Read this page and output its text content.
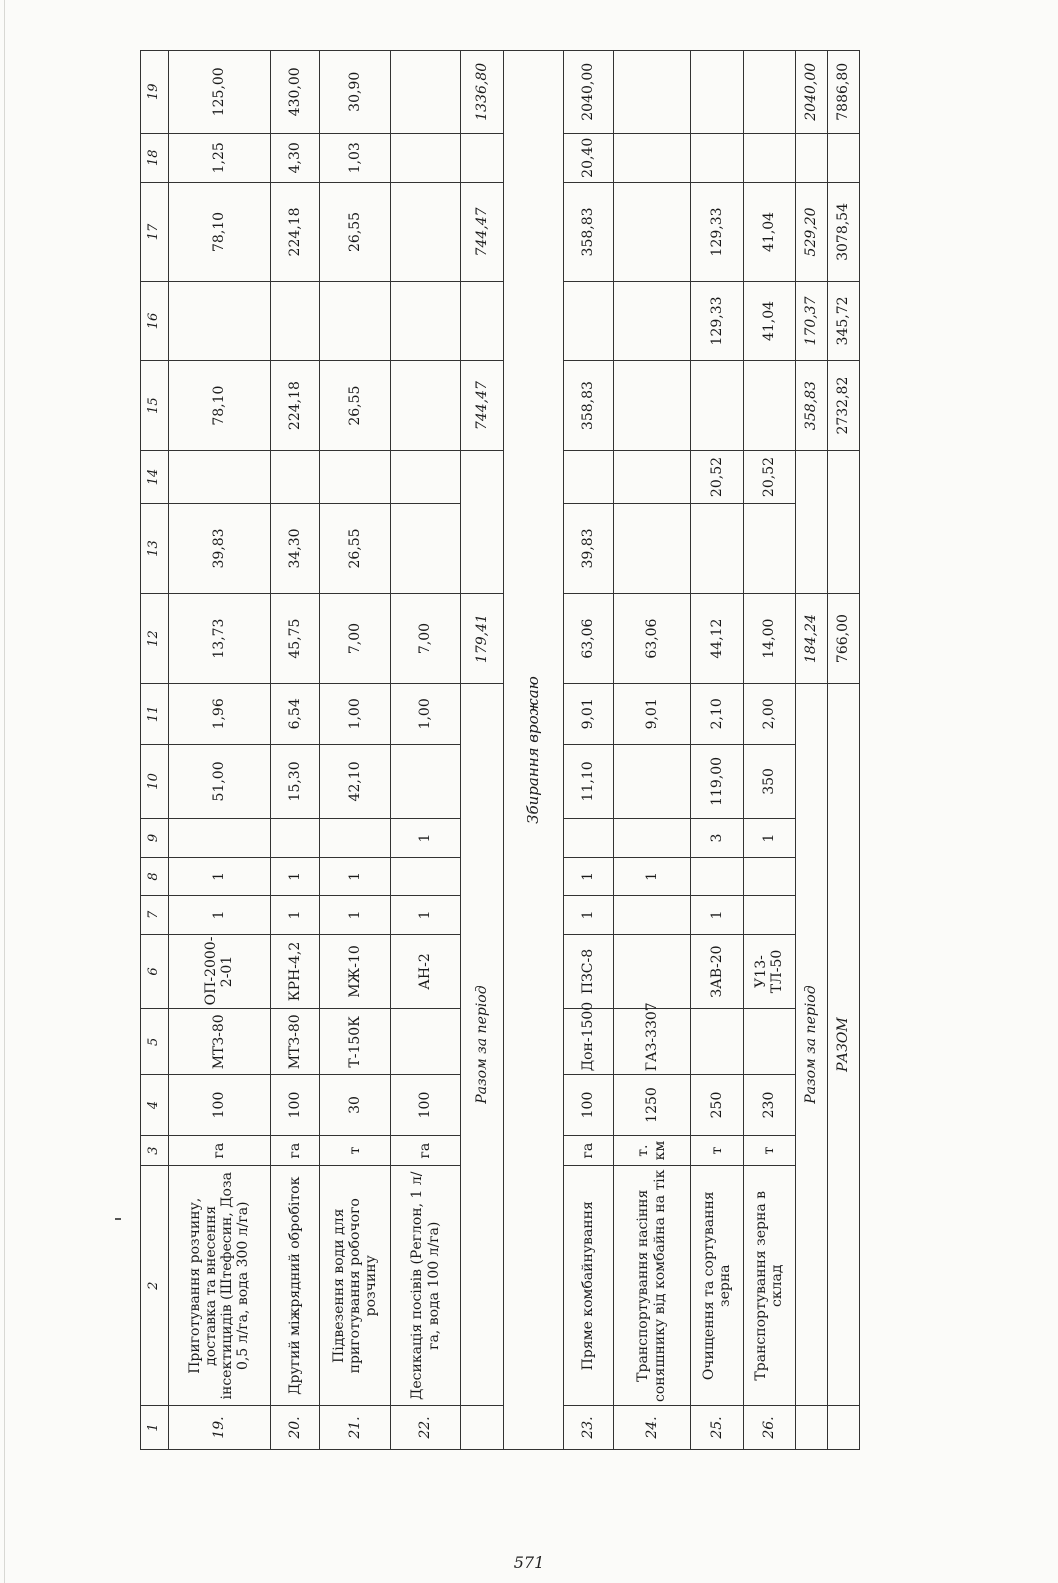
1	2	3	4	5	6	7	8	9	10	11	12	13	14	15	16	17	18	19
19.	Приготування розчину, доставка та внесення інсектицидів (Штефесин, Доза 0,5 л/га, вода 300 л/га)	га	100	МТЗ-80	ОП-2000-2-01	1	1		51,00	1,96	13,73	39,83		78,10		78,10	1,25	125,00
20.	Другий міжрядний обробіток	га	100	МТЗ-80	КРН-4,2	1	1		15,30	6,54	45,75	34,30		224,18		224,18	4,30	430,00
21.	Підвезення води для приготування робочого розчину	т	30	Т-150К	МЖ-10	1	1		42,10	1,00	7,00	26,55		26,55		26,55	1,03	30,90
22.	Десикація посівів (Реглон, 1 л/га, вода 100 л/га)	га	100		АН-2	1		1		1,00	7,00							
	Разом за період										179,41			744,47		744,47		1336,80
Збирання врожаю																		
23.	Пряме комбайнування	га	100	Дон-1500	ПЗС-8	1	1		11,10	9,01	63,06	39,83		358,83		358,83	20,40	2040,00
24.	Транспортування насіння соняшнику від комбайна на тік	т. км	1250	ГАЗ-3307			1			9,01	63,06							
25.	Очищення та сортування зерна	т	250		ЗАВ-20	1		3	119,00	2,10	44,12		20,52		129,33	129,33		
26.	Транспортування зерна в склад	т	230		У13-ТЛ-50			1	350	2,00	14,00		20,52		41,04	41,04		
	Разом за період										184,24			358,83	170,37	529,20		2040,00
	РАЗОМ										766,00			2732,82	345,72	3078,54		7886,80
571
